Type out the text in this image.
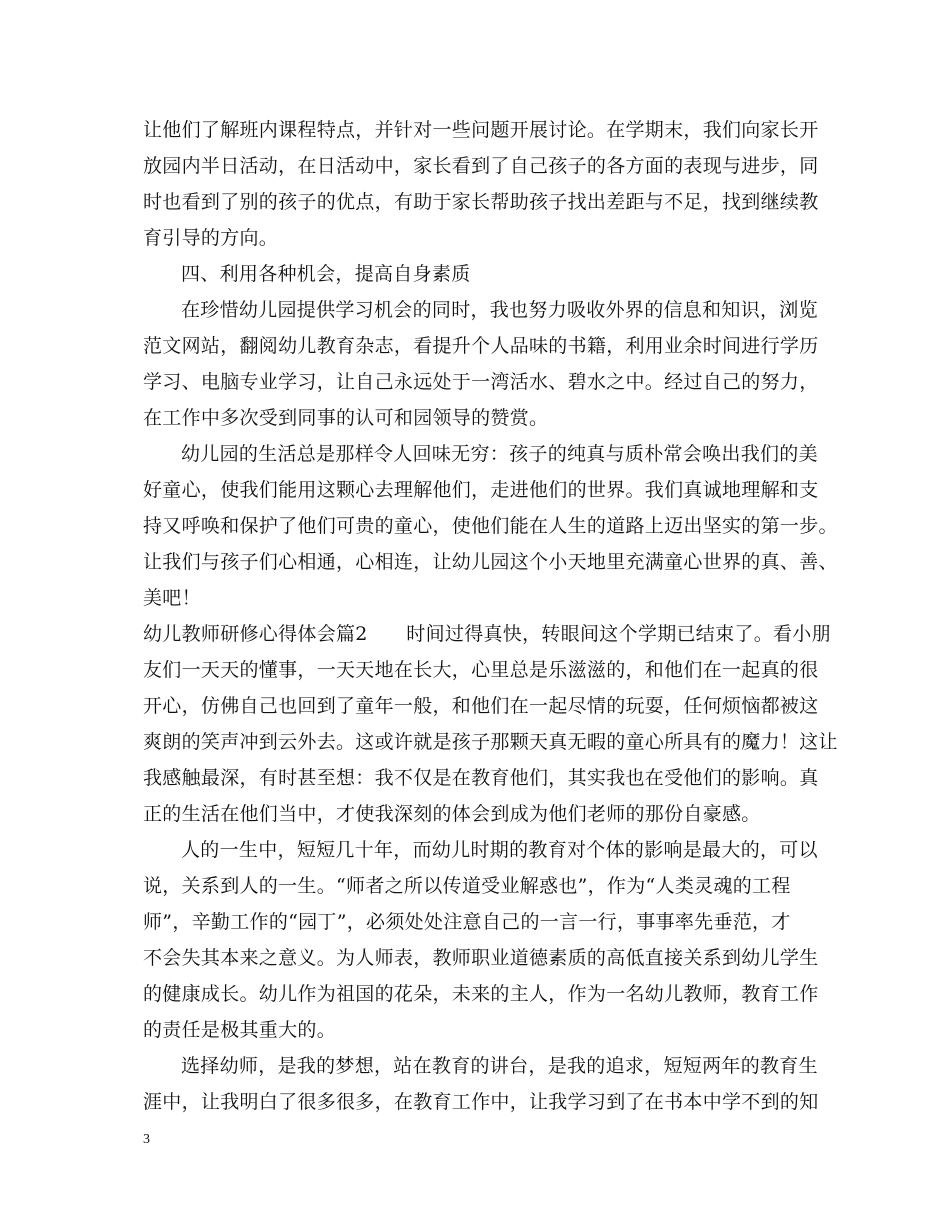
让他们了解班内课程特点，并针对一些问题开展讨论。在学期末，我们向家长开
放园内半日活动，在日活动中，家长看到了自己孩子的各方面的表现与进步，同
时也看到了别的孩子的优点，有助于家长帮助孩子找出差距与不足，找到继续教
育引导的方向。
四、利用各种机会，提高自身素质
在珍惜幼儿园提供学习机会的同时，我也努力吸收外界的信息和知识，浏览
范文网站，翻阅幼儿教育杂志，看提升个人品味的书籍，利用业余时间进行学历
学习、电脑专业学习，让自己永远处于一湾活水、碧水之中。经过自己的努力，
在工作中多次受到同事的认可和园领导的赞赏。
幼儿园的生活总是那样令人回味无穷：孩子的纯真与质朴常会唤出我们的美
好童心，使我们能用这颗心去理解他们，走进他们的世界。我们真诚地理解和支
持又呼唤和保护了他们可贵的童心，使他们能在人生的道路上迈出坚实的第一步。
让我们与孩子们心相通，心相连，让幼儿园这个小天地里充满童心世界的真、善、
美吧！
幼儿教师研修心得体会篇2　　时间过得真快，转眼间这个学期已结束了。看小朋
友们一天天的懂事，一天天地在长大，心里总是乐滋滋的，和他们在一起真的很
开心，仿佛自己也回到了童年一般，和他们在一起尽情的玩耍，任何烦恼都被这
爽朗的笑声冲到云外去。这或许就是孩子那颗天真无暇的童心所具有的魔力！这让
我感触最深，有时甚至想：我不仅是在教育他们，其实我也在受他们的影响。真
正的生活在他们当中，才使我深刻的体会到成为他们老师的那份自豪感。
人的一生中，短短几十年，而幼儿时期的教育对个体的影响是最大的，可以
说，关系到人的一生。“师者之所以传道受业解惑也”，作为“人类灵魂的工程
师”，辛勤工作的“园丁”，必须处处注意自己的一言一行，事事率先垂范，才
不会失其本来之意义。为人师表，教师职业道德素质的高低直接关系到幼儿学生
的健康成长。幼儿作为祖国的花朵，未来的主人，作为一名幼儿教师，教育工作
的责任是极其重大的。
选择幼师，是我的梦想，站在教育的讲台，是我的追求，短短两年的教育生
涯中，让我明白了很多很多，在教育工作中，让我学习到了在书本中学不到的知
3
